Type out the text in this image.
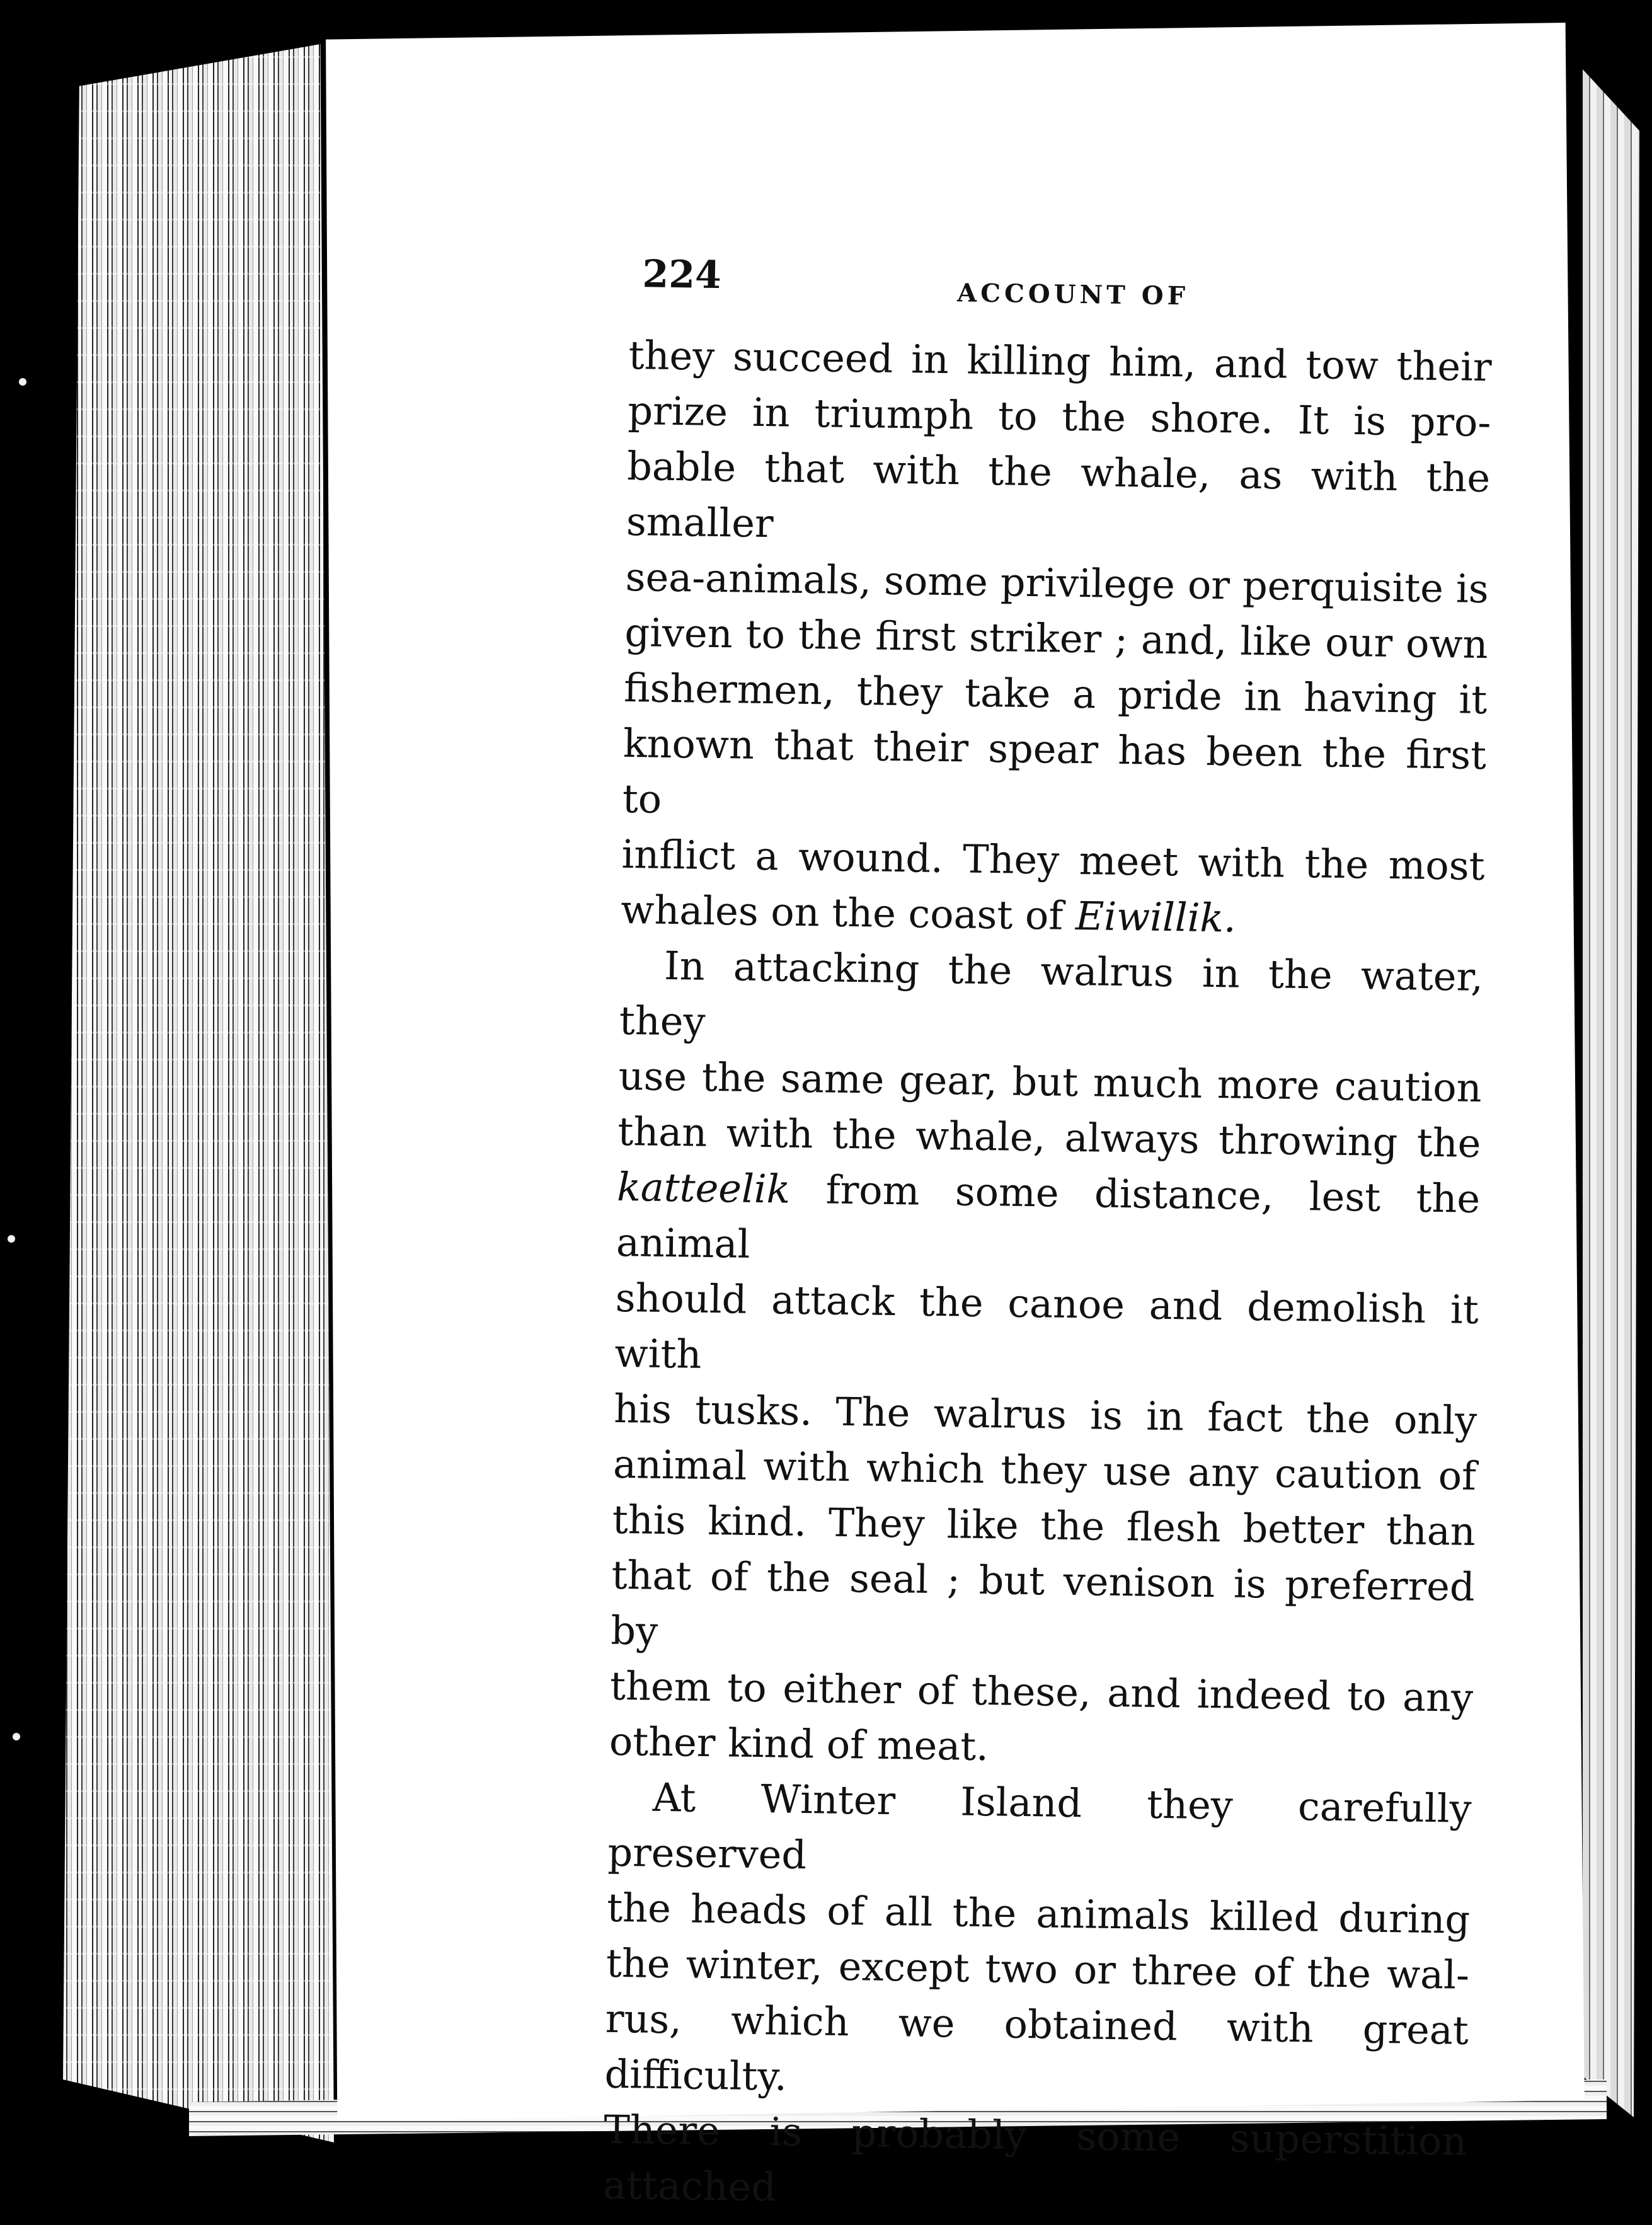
224	ACCOUNT OF

they succeed in killing him, and tow their

prize in triumph to the shore. It is pro-

bable that with the whale, as with the smaller

sea-animals, some privilege or perquisite is

given to the first striker ; and, like our own

fishermen, they take a pride in having it

known that their spear has been the first to

inflict a wound. They meet with the most

whales on the coast of Eiwillik.

In attacking the walrus in the water, they

use the same gear, but much more caution

than with the whale, always throwing the

katteelik from some distance, lest the animal

should attack the canoe and demolish it with

his tusks. The walrus is in fact the only

animal with which they use any caution of

this kind. They like the flesh better than

that of the seal ; but venison is preferred by

them to either of these, and indeed to any

other kind of meat.

At Winter Island they carefully preserved

the heads of all the animals killed during

the winter, except two or three of the wal-

rus, which we obtained with great difficulty.

There is probably some superstition attached
